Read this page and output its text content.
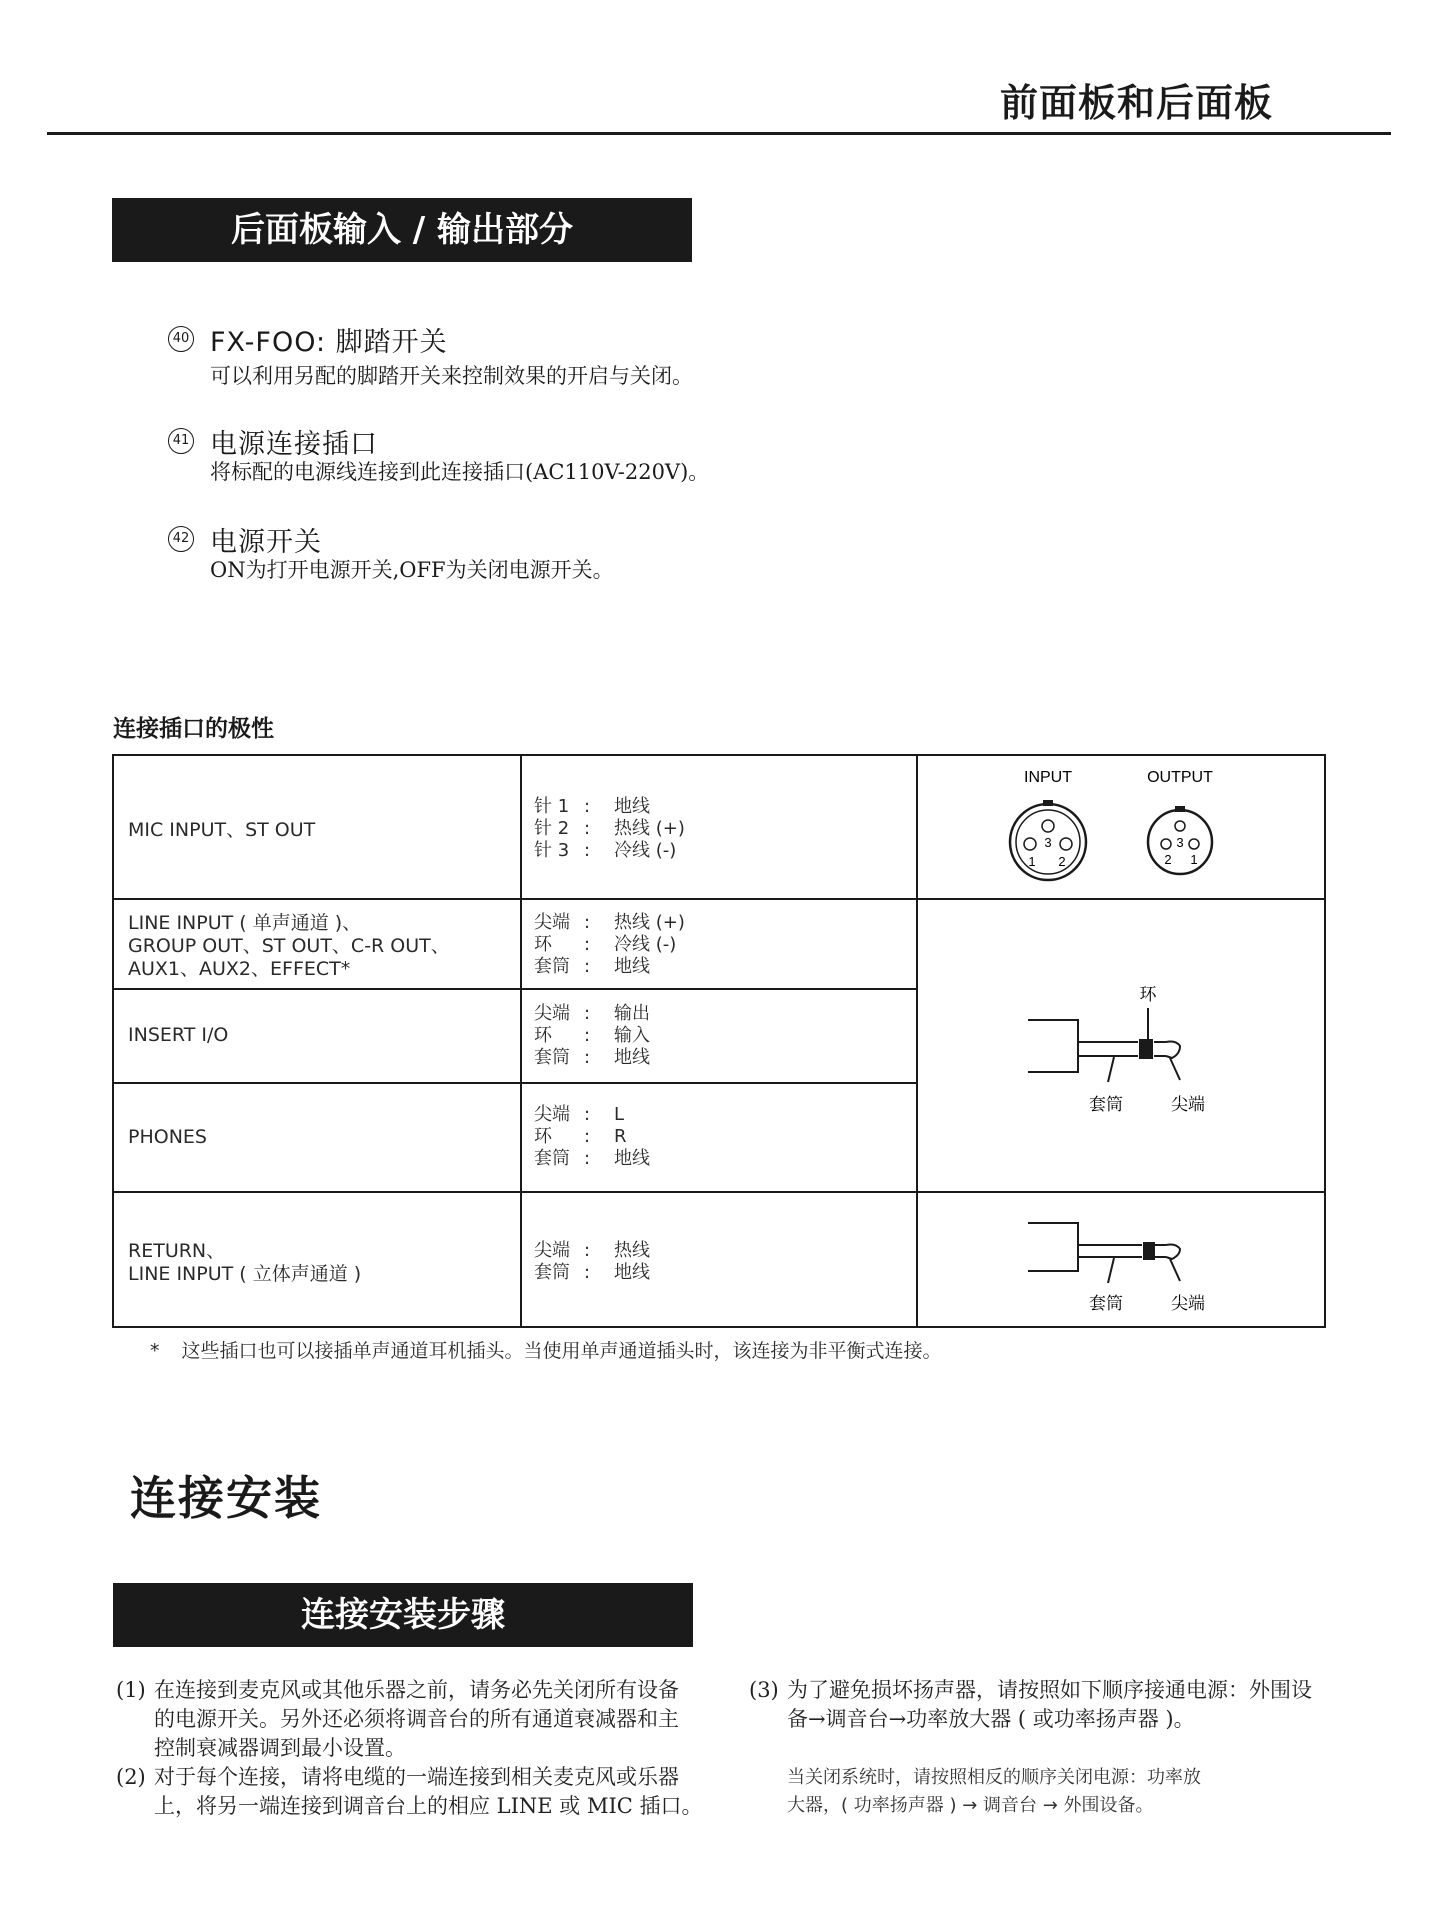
前面板和后面板
后面板输入 / 输出部分
40 FX-FOO: 脚踏开关
可以利用另配的脚踏开关来控制效果的开启与关闭。
41 电源连接插口
将标配的电源线连接到此连接插口(AC110V-220V)。
42 电源开关
ON为打开电源开关,OFF为关闭电源开关。
连接插口的极性
MIC INPUT、ST OUT
针 1 :	地线
针 2 :	热线 (+)
针 3 :	冷线 (-)
LINE INPUT ( 单声通道 )、
GROUP OUT、ST OUT、C-R OUT、
AUX1、AUX2、EFFECT*
尖端 :	热线 (+)
环	:	冷线 (-)
套筒 :	地线
INSERT I/O
尖端 :	输出
环	:	输入
套筒 :	地线
PHONES
尖端 :	L
环	:	R
套筒 :	地线
RETURN、
LINE INPUT ( 立体声通道 )
尖端 :	热线
套筒 :	地线
INPUT	OUTPUT
3
1 2
3
2 1
环
套筒	尖端
套筒	尖端
* 这些插口也可以接插单声通道耳机插头。当使用单声通道插头时，该连接为非平衡式连接。
连接安装
连接安装步骤
(1) 在连接到麦克风或其他乐器之前，请务必先关闭所有设备
的电源开关。另外还必须将调音台的所有通道衰减器和主
控制衰减器调到最小设置。
(2) 对于每个连接，请将电缆的一端连接到相关麦克风或乐器
上，将另一端连接到调音台上的相应 LINE 或 MIC 插口。
(3) 为了避免损坏扬声器，请按照如下顺序接通电源：外围设
备→调音台→功率放大器 ( 或功率扬声器 )。
当关闭系统时，请按照相反的顺序关闭电源：功率放
大器，( 功率扬声器 ) → 调音台 → 外围设备。
